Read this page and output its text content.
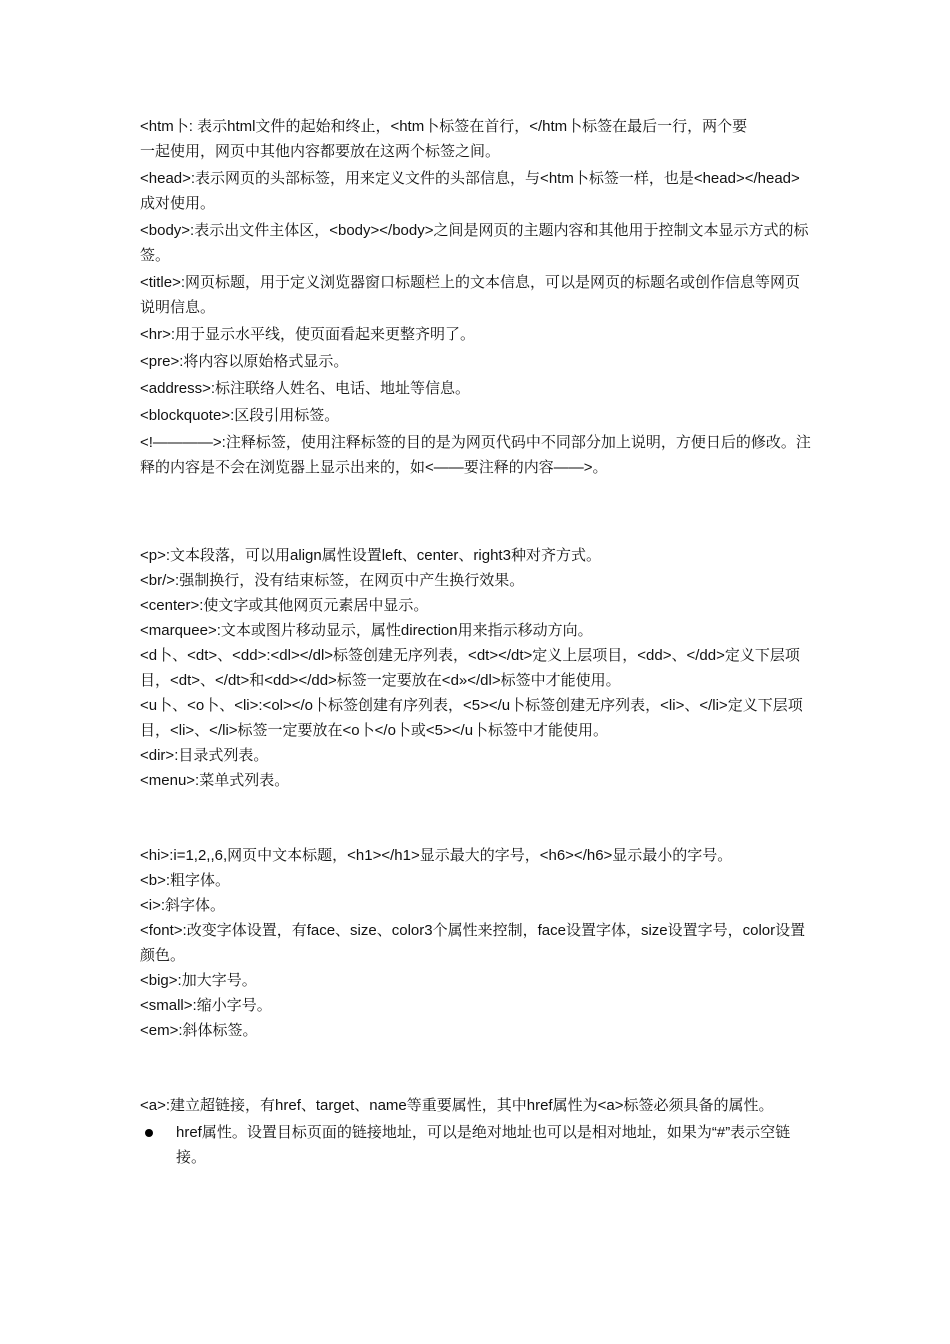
<htm卜: 表示html文件的起始和终止，<htm卜标签在首行，</htm卜标签在最后一行，两个要

一起使用，网页中其他内容都要放在这两个标签之间。

<head>:表示网页的头部标签，用来定义文件的头部信息，与<htm卜标签一样，也是<head></head>成对使用。

<body>:表示出文件主体区，<body></body>之间是网页的主题内容和其他用于控制文本显示方式的标签。

<title>:网页标题，用于定义浏览器窗口标题栏上的文本信息，可以是网页的标题名或创作信息等网页说明信息。

<hr>:用于显示水平线，使页面看起来更整齐明了。

<pre>:将内容以原始格式显示。

<address>:标注联络人姓名、电话、地址等信息。

<blockquote>:区段引用标签。

<!————>:注释标签，使用注释标签的目的是为网页代码中不同部分加上说明，方便日后的修改。注释的内容是不会在浏览器上显示出来的，如<——要注释的内容——>。

<p>:文本段落，可以用align属性设置left、center、right3种对齐方式。

<br/>:强制换行，没有结束标签，在网页中产生换行效果。

<center>:使文字或其他网页元素居中显示。

<marquee>:文本或图片移动显示，属性direction用来指示移动方向。

<d卜、<dt>、<dd>:<dl></dl>标签创建无序列表，<dt></dt>定义上层项目，<dd>、</dd>定义下层项目，<dt>、</dt>和<dd></dd>标签一定要放在<d»</dl>标签中才能使用。

<u卜、<o卜、<li>:<ol></o卜标签创建有序列表，<5></u卜标签创建无序列表，<li>、</li>定义下层项目，<li>、</li>标签一定要放在<o卜</o卜或<5></u卜标签中才能使用。

<dir>:目录式列表。

<menu>:菜单式列表。

<hi>:i=1,2,,6,网页中文本标题，<h1></h1>显示最大的字号，<h6></h6>显示最小的字号。

<b>:粗字体。

<i>:斜字体。

<font>:改变字体设置，有face、size、color3个属性来控制，face设置字体，size设置字号，color设置颜色。

<big>:加大字号。

<small>:缩小字号。

<em>:斜体标签。

<a>:建立超链接，有href、target、name等重要属性，其中href属性为<a>标签必须具备的属性。

href属性。设置目标页面的链接地址，可以是绝对地址也可以是相对地址，如果为“#”表示空链接。
